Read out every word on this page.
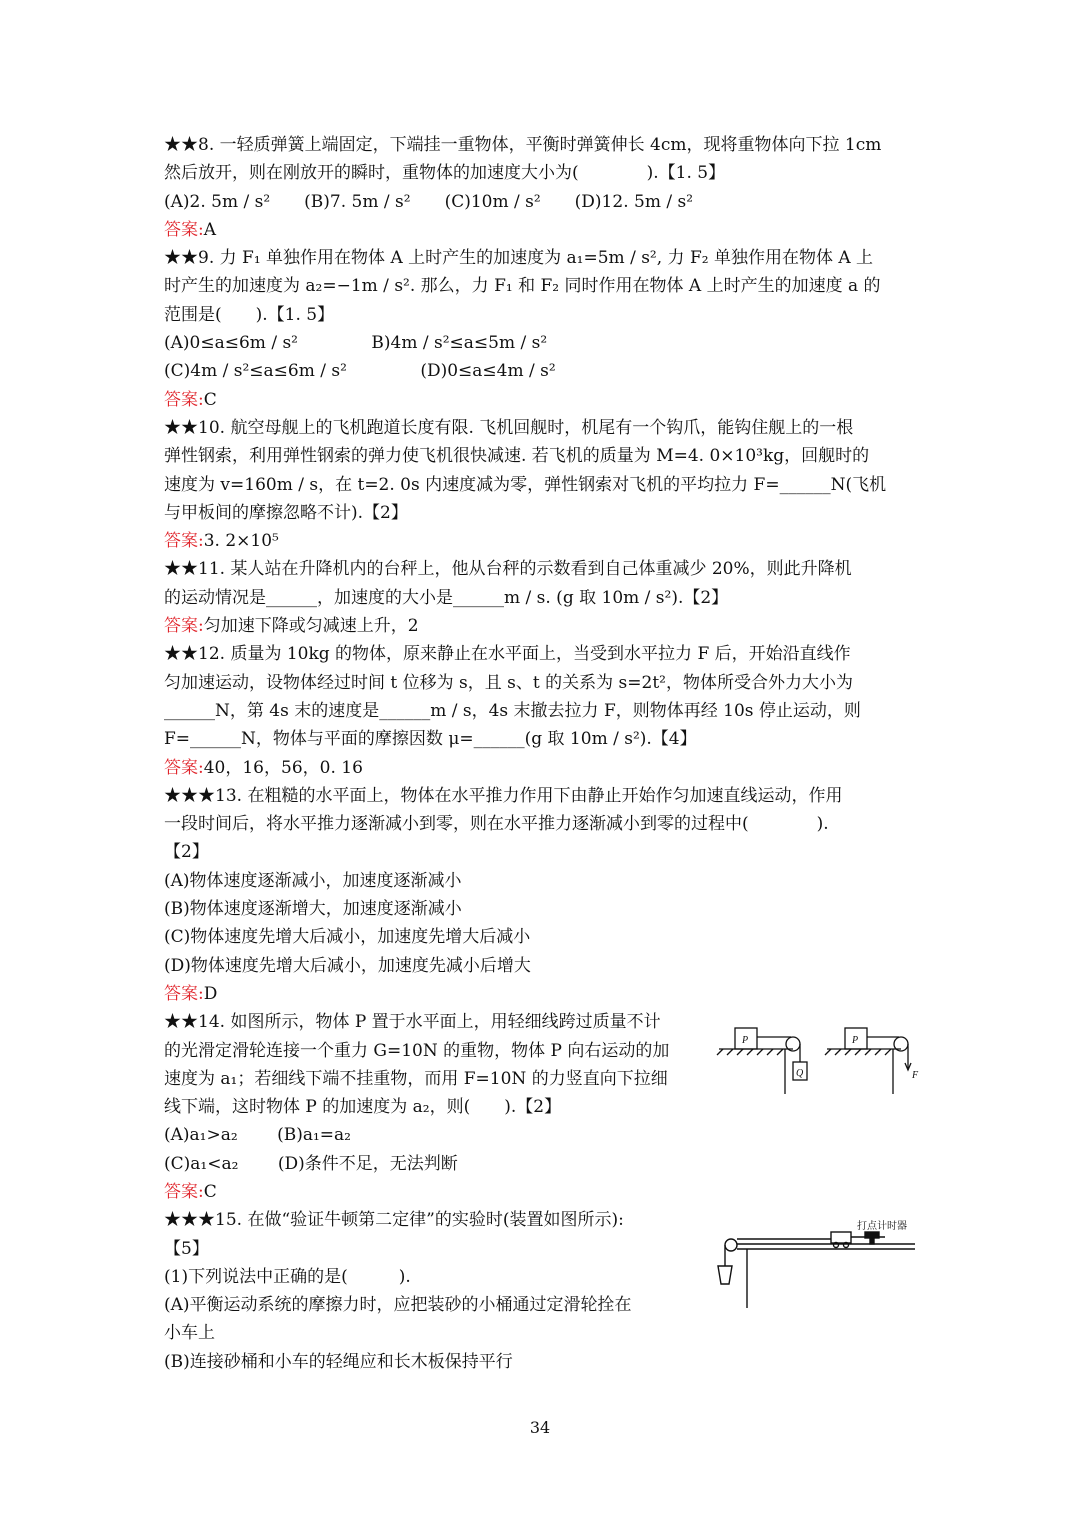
★★8. 一轻质弹簧上端固定，下端挂一重物体，平衡时弹簧伸长 4cm，现将重物体向下拉 1cm
然后放开，则在刚放开的瞬时，重物体的加速度大小为(　　　　).【1. 5】
(A)2. 5m / s²　　(B)7. 5m / s²　　(C)10m / s²　　(D)12. 5m / s²
答案:A
★★9. 力 F₁ 单独作用在物体 A 上时产生的加速度为 a₁=5m / s², 力 F₂ 单独作用在物体 A 上
时产生的加速度为 a₂=−1m / s². 那么，力 F₁ 和 F₂ 同时作用在物体 A 上时产生的加速度 a 的
范围是(　　).【1. 5】
(A)0≤a≤6m / s²　　　　 B)4m / s²≤a≤5m / s²
(C)4m / s²≤a≤6m / s²　　　　 (D)0≤a≤4m / s²
答案:C
★★10. 航空母舰上的飞机跑道长度有限. 飞机回舰时，机尾有一个钩爪，能钩住舰上的一根
弹性钢索，利用弹性钢索的弹力使飞机很快减速. 若飞机的质量为 M=4. 0×10³kg，回舰时的
速度为 v=160m / s，在 t=2. 0s 内速度减为零，弹性钢索对飞机的平均拉力 F=______N(飞机
与甲板间的摩擦忽略不计).【2】
答案:3. 2×10⁵
★★11. 某人站在升降机内的台秤上，他从台秤的示数看到自己体重减少 20%，则此升降机
的运动情况是______，加速度的大小是______m / s. (g 取 10m / s²).【2】
答案:匀加速下降或匀减速上升，2
★★12. 质量为 10kg 的物体，原来静止在水平面上，当受到水平拉力 F 后，开始沿直线作
匀加速运动，设物体经过时间 t 位移为 s，且 s、t 的关系为 s=2t²，物体所受合外力大小为
______N，第 4s 末的速度是______m / s，4s 末撤去拉力 F，则物体再经 10s 停止运动，则
F=______N，物体与平面的摩擦因数 μ=______(g 取 10m / s²).【4】
答案:40，16，56，0. 16
★★★13. 在粗糙的水平面上，物体在水平推力作用下由静止开始作匀加速直线运动，作用
一段时间后，将水平推力逐渐减小到零，则在水平推力逐渐减小到零的过程中(　　　　).
【2】
(A)物体速度逐渐减小，加速度逐渐减小
(B)物体速度逐渐增大，加速度逐渐减小
(C)物体速度先增大后减小，加速度先增大后减小
(D)物体速度先增大后减小，加速度先减小后增大
答案:D
★★14. 如图所示，物体 P 置于水平面上，用轻细线跨过质量不计
的光滑定滑轮连接一个重力 G=10N 的重物，物体 P 向右运动的加
速度为 a₁；若细线下端不挂重物，而用 F=10N 的力竖直向下拉细
线下端，这时物体 P 的加速度为 a₂，则(　　).【2】
(A)a₁>a₂　　 (B)a₁=a₂
(C)a₁<a₂　　 (D)条件不足，无法判断
答案:C
★★★15. 在做“验证牛顿第二定律”的实验时(装置如图所示):
【5】
(1)下列说法中正确的是(　　　).
(A)平衡运动系统的摩擦力时，应把装砂的小桶通过定滑轮拴在
小车上
(B)连接砂桶和小车的轻绳应和长木板保持平行
P
Q
P
F
打点计时器
34
